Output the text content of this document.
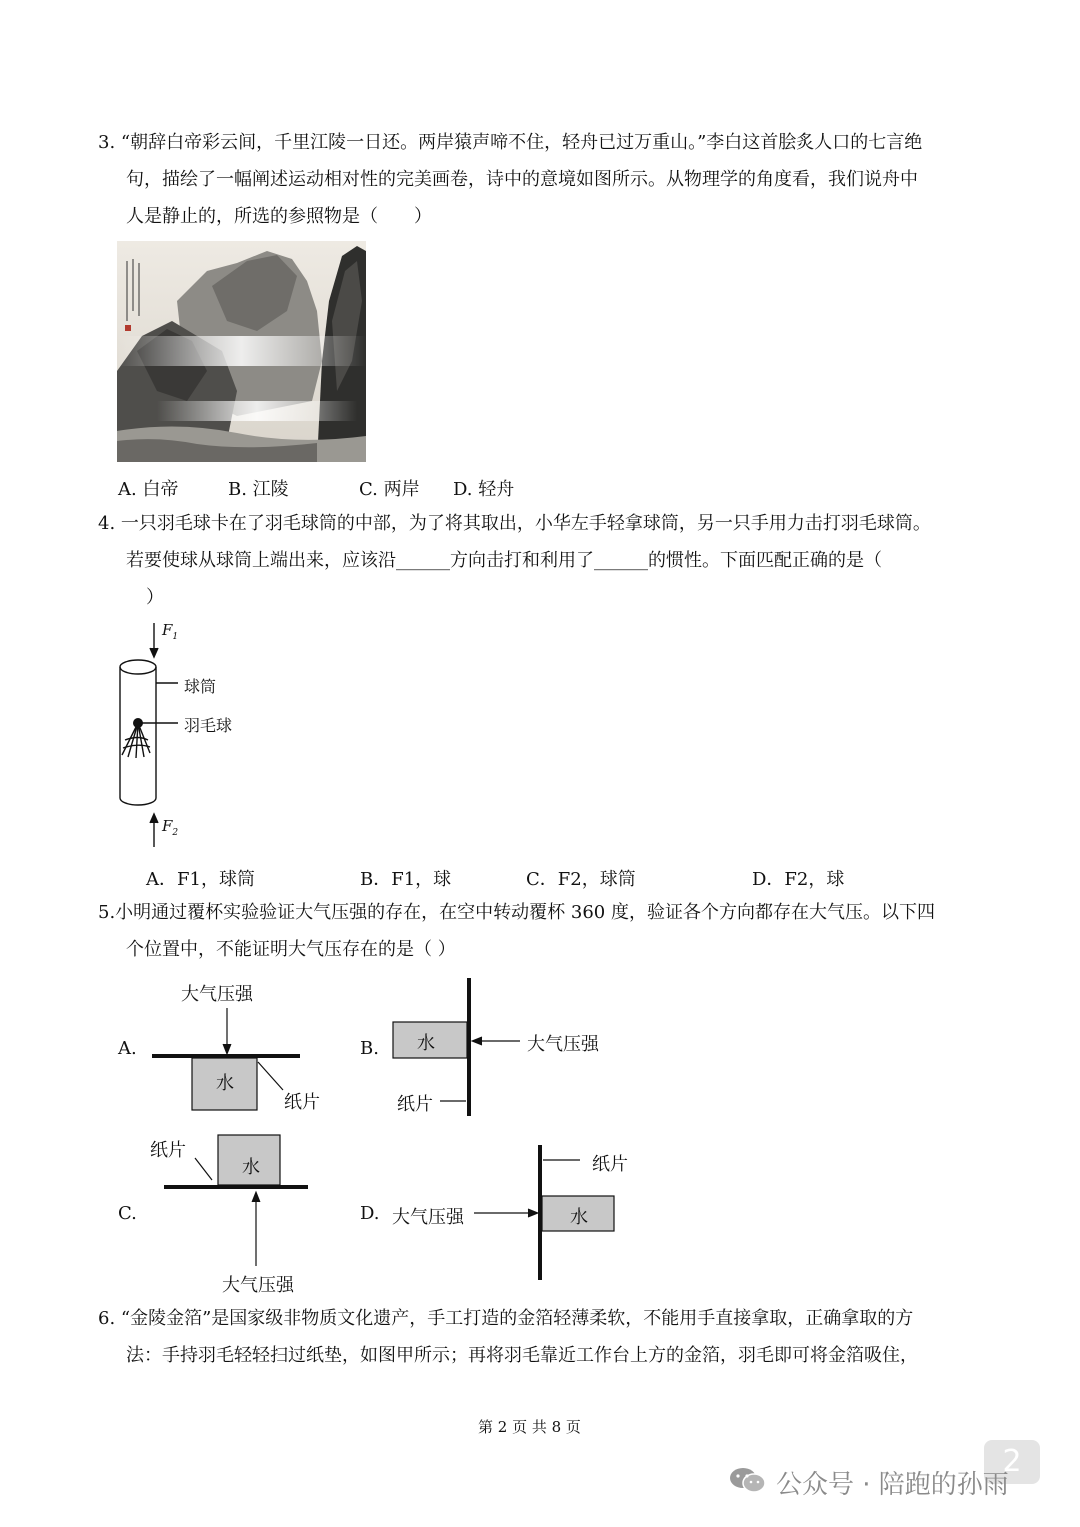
3. “朝辞白帝彩云间，千里江陵一日还。两岸猿声啼不住，轻舟已过万重山。”李白这首脍炙人口的七言绝
句，描绘了一幅阐述运动相对性的完美画卷，诗中的意境如图所示。从物理学的角度看，我们说舟中
人是静止的，所选的参照物是（　　）
A. 白帝	B. 江陵	C. 两岸 D. 轻舟
4. 一只羽毛球卡在了羽毛球筒的中部，为了将其取出，小华左手轻拿球筒，另一只手用力击打羽毛球筒。
若要使球从球筒上端出来，应该沿______方向击打和利用了______的惯性。下面匹配正确的是（
）
$F_1$
球筒
羽毛球
$F_2$
A．F1，球筒	B．F1，球	C．F2，球筒	D．F2，球
5.小明通过覆杯实验验证大气压强的存在，在空中转动覆杯 360 度，验证各个方向都存在大气压。以下四
个位置中，不能证明大气压存在的是（ ）
A.
大气压强
水
纸片
B. 水	大气压强
纸片
C.
纸片
水
大气压强
D. 大气压强	水
纸片
6. “金陵金箔”是国家级非物质文化遗产，手工打造的金箔轻薄柔软，不能用手直接拿取，正确拿取的方
法：手持羽毛轻轻扫过纸垫，如图甲所示；再将羽毛靠近工作台上方的金箔，羽毛即可将金箔吸住，
第 2 页 共 8 页
2
公众号 · 陪跑的孙雨
